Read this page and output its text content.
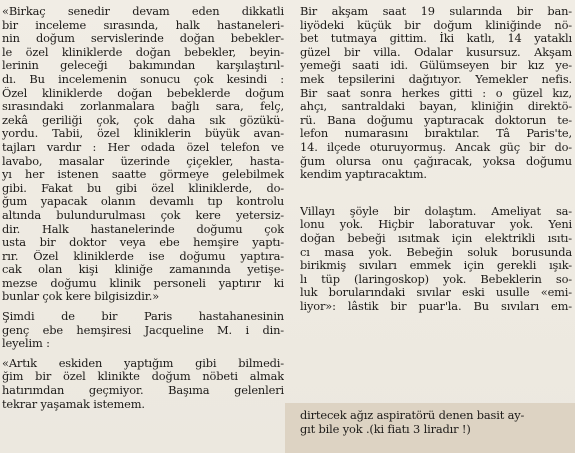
«Birkaç senedir devam eden dikkatli
bir inceleme sırasında, halk hastaneleri-
nin doğum servislerinde doğan bebekler-
le özel kliniklerde doğan bebekler, beyin-
lerinin geleceği bakımından karşılaştırıl-
dı. Bu incelemenin sonucu çok kesindi :
Özel kliniklerde doğan bebeklerde doğum
sırasındaki zorlanmalara bağlı sara, felç,
zekâ geriliği çok, çok daha sık gözükü-
yordu. Tabii, özel kliniklerin büyük avan-
tajları vardır : Her odada özel telefon ve
lavabo, masalar üzerinde çiçekler, hasta-
yı her istenen saatte görmeye gelebilmek
gibi. Fakat bu gibi özel kliniklerde, do-
ğum yapacak olanın devamlı tıp kontrolu
altında bulundurulması çok kere yetersiz-
dir. Halk hastanelerinde doğumu çok
usta bir doktor veya ebe hemşire yaptı-
rır. Özel kliniklerde ise doğumu yaptıra-
cak olan kişi kliniğe zamanında yetişe-
mezse doğumu klinik personeli yaptırır ki
bunlar çok kere bilgisizdir.»
Şimdi de bir Paris hastahanesinin
genç ebe hemşiresi Jacqueline M. i din-
leyelim :
«Artık eskiden yaptığım gibi bilmedi-
ğim bir özel klinikte doğum nöbeti almak
hatırımdan geçmiyor. Başıma gelenleri
tekrar yaşamak istemem.
Bir akşam saat 19 sularında bir ban-
liyödeki küçük bir doğum kliniğinde nö-
bet tutmaya gittim. İki katlı, 14 yataklı
güzel bir villa. Odalar kusursuz. Akşam
yemeği saati idi. Gülümseyen bir kız ye-
mek tepsilerini dağıtıyor. Yemekler nefis.
Bir saat sonra herkes gitti : o güzel kız,
ahçı, santraldaki bayan, kliniğin direktö-
rü. Bana doğumu yaptıracak doktorun te-
lefon numarasını bıraktılar. Tâ Paris'te,
14. ilçede oturuyormuş. Ancak güç bir do-
ğum olursa onu çağıracak, yoksa doğumu
kendim yaptıracaktım.
Villayı şöyle bir dolaştım. Ameliyat sa-
lonu yok. Hiçbir laboratuvar yok. Yeni
doğan bebeği ısıtmak için elektrikli ısıtı-
cı masa yok. Bebeğin soluk borusunda
birikmiş sıvıları emmek için gerekli ışık-
lı tüp (laringoskop) yok. Bebeklerin so-
luk borularındaki sıvılar eski usulle «emi-
liyor»: lâstik bir puar'la. Bu sıvıları em-
dirtecek ağız aspiratörü denen basit ay-
gıt bile yok .(ki fiatı 3 liradır !)
